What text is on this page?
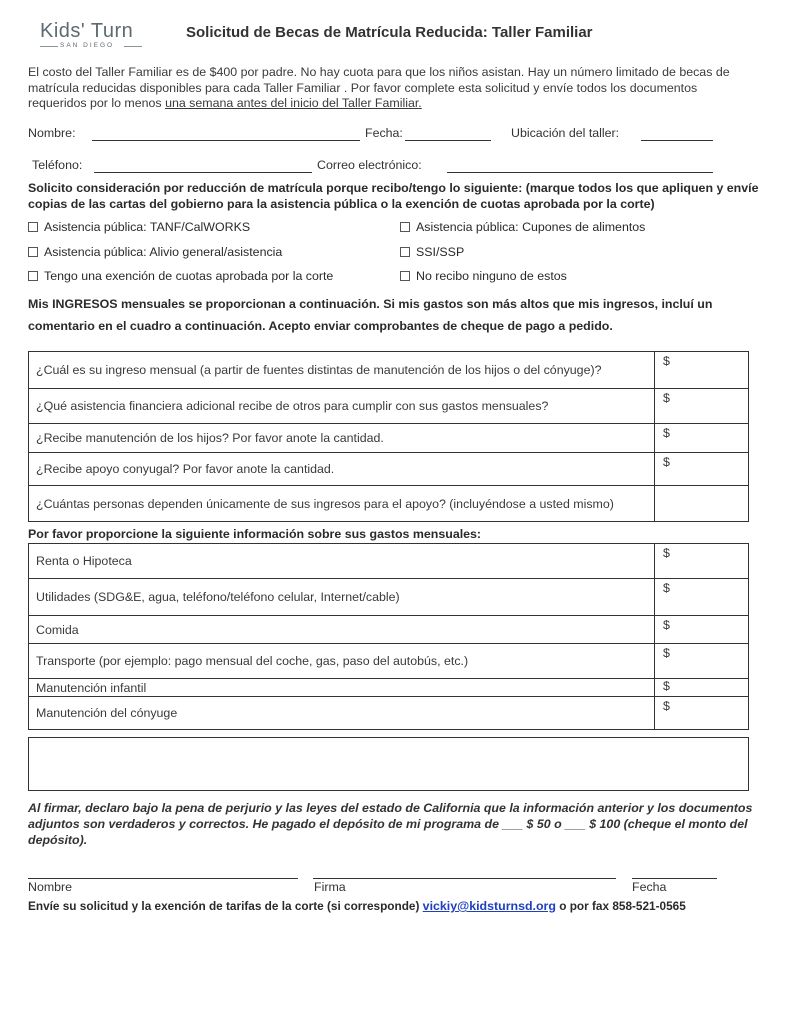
Kids' Turn
SAN DIEGO
Solicitud de Becas de Matrícula Reducida: Taller Familiar
El costo del Taller Familiar es de $400 por padre. No hay cuota para que los niños asistan. Hay un número limitado de becas de matrícula reducidas disponibles para cada Taller Familiar . Por favor complete esta solicitud y envíe todos los documentos requeridos por lo menos una semana antes del inicio del Taller Familiar.
Nombre:	Fecha:	Ubicación del taller:
Teléfono:	Correo electrónico:
Solicito consideración por reducción de matrícula porque recibo/tengo lo siguiente: (marque todos los que apliquen y envíe copias de las cartas del gobierno para la asistencia pública o la exención de cuotas aprobada por la corte)
Asistencia pública: TANF/CalWORKS	Asistencia pública: Cupones de alimentos
Asistencia pública: Alivio general/asistencia	SSI/SSP
Tengo una exención de cuotas aprobada por la corte	No recibo ninguno de estos
Mis INGRESOS mensuales se proporcionan a continuación. Si mis gastos son más altos que mis ingresos, incluí un comentario en el cuadro a continuación. Acepto enviar comprobantes de cheque de pago a pedido.
¿Cuál es su ingreso mensual (a partir de fuentes distintas de manutención de los hijos o del cónyuge)?	$
¿Qué asistencia financiera adicional recibe de otros para cumplir con sus gastos mensuales?	$
¿Recibe manutención de los hijos? Por favor anote la cantidad.	$
¿Recibe apoyo conyugal? Por favor anote la cantidad.	$
¿Cuántas personas dependen únicamente de sus ingresos para el apoyo? (incluyéndose a usted mismo)	
Por favor proporcione la siguiente información sobre sus gastos mensuales:
Renta o Hipoteca	$
Utilidades (SDG&E, agua, teléfono/teléfono celular, Internet/cable)	$
Comida	$
Transporte (por ejemplo: pago mensual del coche, gas, paso del autobús, etc.)	$
Manutención infantil	$
Manutención del cónyuge	$
Al firmar, declaro bajo la pena de perjurio y las leyes del estado de California que la información anterior y los documentos adjuntos son verdaderos y correctos. He pagado el depósito de mi programa de ___ $ 50 o ___ $ 100 (cheque el monto del depósito).
Nombre	Firma	Fecha
Envíe su solicitud y la exención de tarifas de la corte (si corresponde) vickiy@kidsturnsd.org o por fax 858-521-0565
